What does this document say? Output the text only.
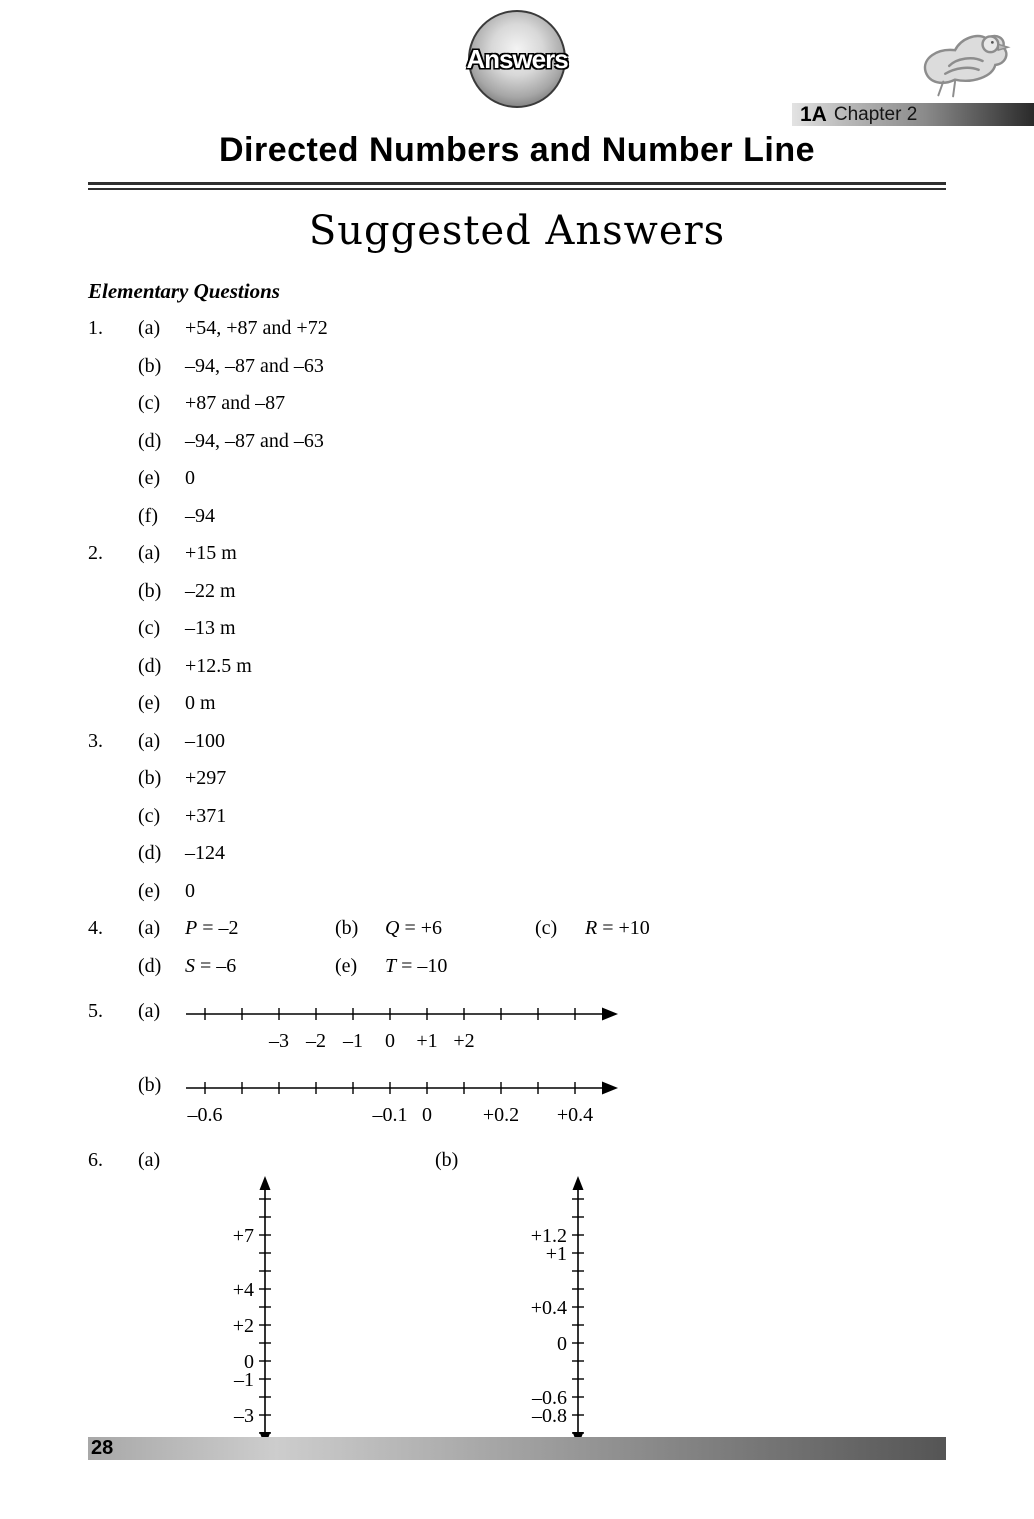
Answers
1A Chapter 2
Directed Numbers and Number Line
Suggested Answers
Elementary Questions
1.	(a)	+54, +87 and +72
(b)	–94, –87 and –63
(c)	+87 and –87
(d)	–94, –87 and –63
(e)	0
(f)	–94
2.	(a)	+15 m
(b)	–22 m
(c)	–13 m
(d)	+12.5 m
(e)	0 m
3.	(a)	–100
(b)	+297
(c)	+371
(d)	–124
(e)	0
4.	(a)	P = –2	(b)	Q = +6	(c)	R = +10
(d)	S = –6	(e)	T = –10
5.	(a)
–3 –2 –1 0 +1 +2
(b)
–0.6	–0.1 0	+0.2 +0.4
6.	(a)	(b)
+7
+4
+2
0
–1
–3
+1.2
+1
+0.4
0
–0.6
–0.8
28
